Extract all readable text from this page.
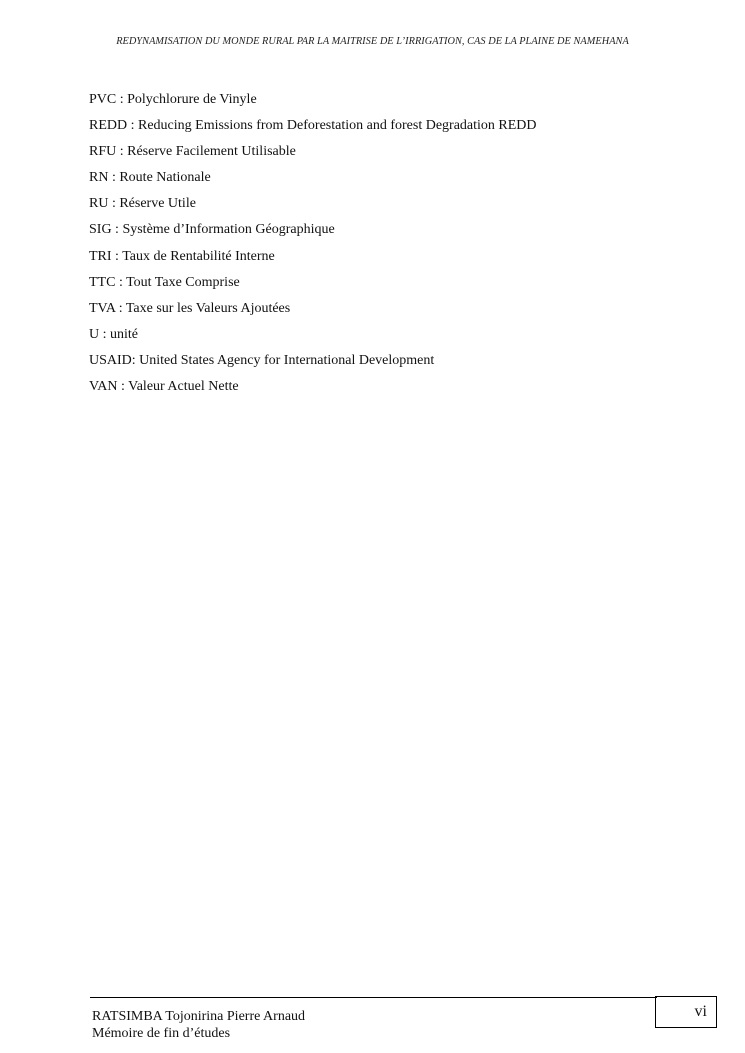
REDYNAMISATION DU MONDE RURAL PAR LA MAITRISE DE L’IRRIGATION, CAS DE LA PLAINE DE NAMEHANA
PVC : Polychlorure de Vinyle
REDD : Reducing Emissions from Deforestation and forest Degradation REDD
RFU : Réserve Facilement Utilisable
RN : Route Nationale
RU : Réserve Utile
SIG : Système d’Information Géographique
TRI : Taux de Rentabilité Interne
TTC : Tout Taxe Comprise
TVA : Taxe sur les Valeurs Ajoutées
U : unité
USAID: United States Agency for International Development
VAN : Valeur Actuel Nette
RATSIMBA Tojonirina Pierre Arnaud
Mémoire de fin d’études
vi
